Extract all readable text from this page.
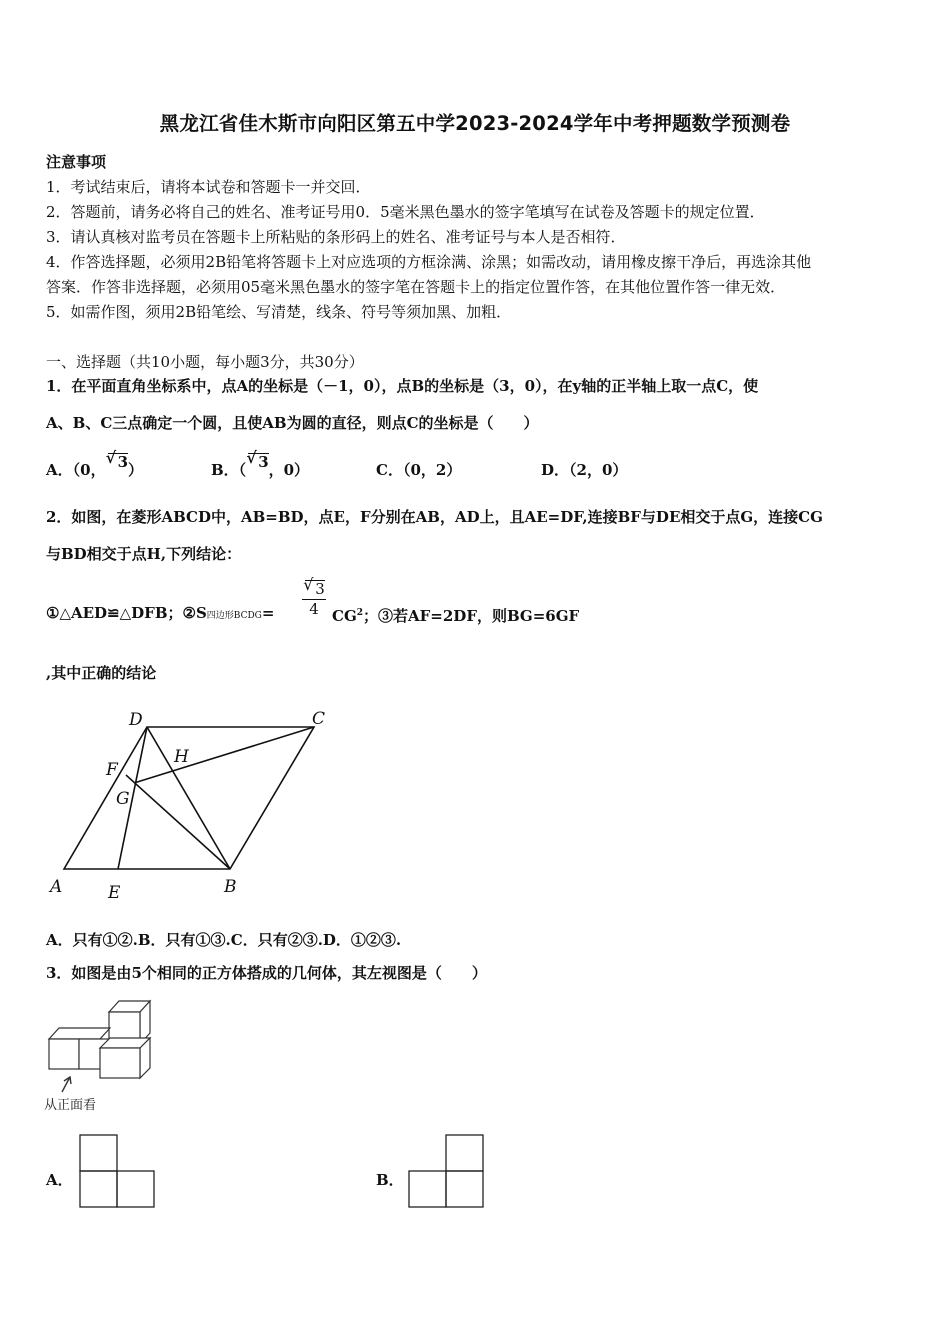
黑龙江省佳木斯市向阳区第五中学2023-2024学年中考押题数学预测卷
注意事项
1．考试结束后，请将本试卷和答题卡一并交回．
2．答题前，请务必将自己的姓名、准考证号用0．5毫米黑色墨水的签字笔填写在试卷及答题卡的规定位置．
3．请认真核对监考员在答题卡上所粘贴的条形码上的姓名、准考证号与本人是否相符．
4．作答选择题，必须用2B铅笔将答题卡上对应选项的方框涂满、涂黑；如需改动，请用橡皮擦干净后，再选涂其他
答案．作答非选择题，必须用05毫米黑色墨水的签字笔在答题卡上的指定位置作答，在其他位置作答一律无效．
5．如需作图，须用2B铅笔绘、写清楚，线条、符号等须加黑、加粗．
一、选择题（共10小题，每小题3分，共30分）
1．在平面直角坐标系中，点A的坐标是（－1，0），点B的坐标是（3，0），在y轴的正半轴上取一点C，使
A、B、C三点确定一个圆，且使AB为圆的直径，则点C的坐标是（　　）
A．（0， √ 3）	B．（ √ 3，0）	C．（0，2）	D．（2，0）
2．如图，在菱形ABCD中，AB=BD，点E，F分别在AB，AD上，且AE=DF,连接BF与DE相交于点G，连接CG
与BD相交于点H,下列结论：
①△AED≌△DFB；②S四边形BCDG= √ $\frac{3}{4} CG^2$；③若AF=2DF，则BG=6GF
,其中正确的结论
D	C
H
F
G
A	E	B
A．只有①②.B．只有①③.C．只有②③.D．①②③.
3．如图是由5个相同的正方体搭成的几何体，其左视图是（　　）
从正面看
A．	B．
